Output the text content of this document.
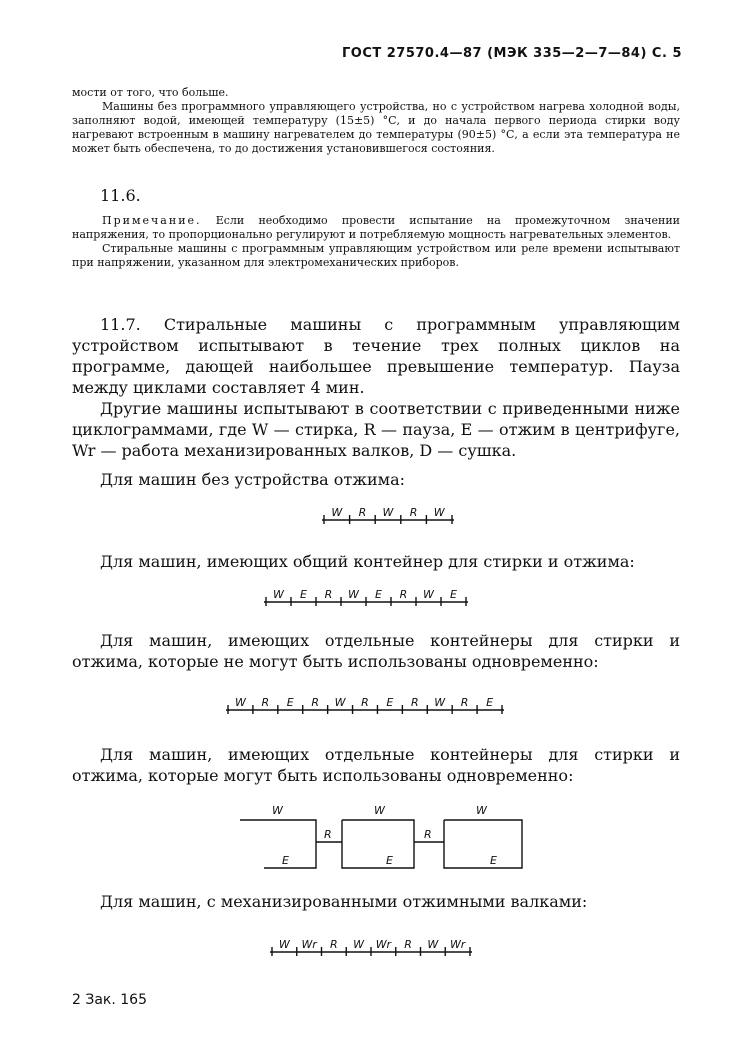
ГОСТ 27570.4—87 (МЭК 335—2—7—84) С. 5

мости от того, что больше.

Машины без программного управляющего устройства, но с устройством нагрева холодной воды, заполняют водой, имеющей температуру (15±5) °С, и до начала первого периода стирки воду нагревают встроенным в машину нагревателем до температуры (90±5) °С, а если эта температура не может быть обеспечена, то до достижения установившегося состояния.

11.6.

Примечание. Если необходимо провести испытание на промежуточном значении напряжения, то пропорционально регулируют и потребляемую мощность нагревательных элементов.

Стиральные машины с программным управляющим устройством или реле времени испытывают при напряжении, указанном для электромеханических приборов.

11.7. Стиральные машины с программным управляющим устройством испытывают в течение трех полных циклов на программе, дающей наибольшее превышение температур. Пауза между циклами составляет 4 мин.

Другие машины испытывают в соответствии с приведенными ниже циклограммами, где W — стирка, R — пауза, E — отжим в центрифуге, Wr — работа механизированных валков, D — сушка.

Для машин без устройства отжима:
W R W R W
Для машин, имеющих общий контейнер для стирки и отжима:
W E R W E R W E

Для машин, имеющих отдельные контейнеры для стирки и отжима, которые не могут быть использованы одновременно:

W R E R W R E R W R E

Для машин, имеющих отдельные контейнеры для стирки и отжима, которые могут быть использованы одновременно:

W	W	W
E	E	E
R	R
Для машин, с механизированными отжимными валками:
W Wr R W Wr R W Wr
2 Зак. 165
